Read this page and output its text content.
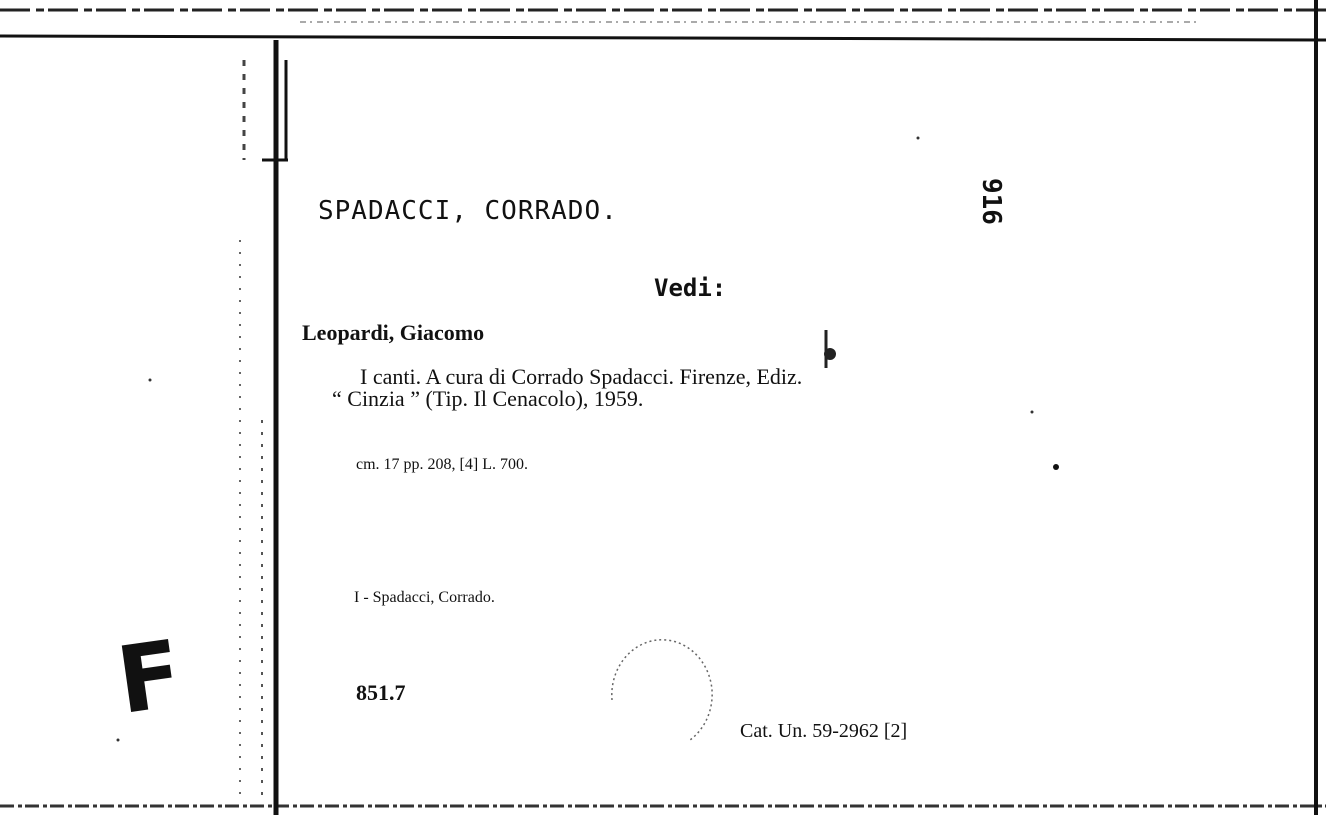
SPADACCI, CORRADO.	916
Vedi:
Leopardi, Giacomo
I canti. A cura di Corrado Spadacci. Firenze, Ediz.
“ Cinzia ” (Tip. Il Cenacolo), 1959.
cm. 17 pp. 208, [4] L. 700.
I - Spadacci, Corrado.
851.7
Cat. Un. 59-2962 [2]
F
